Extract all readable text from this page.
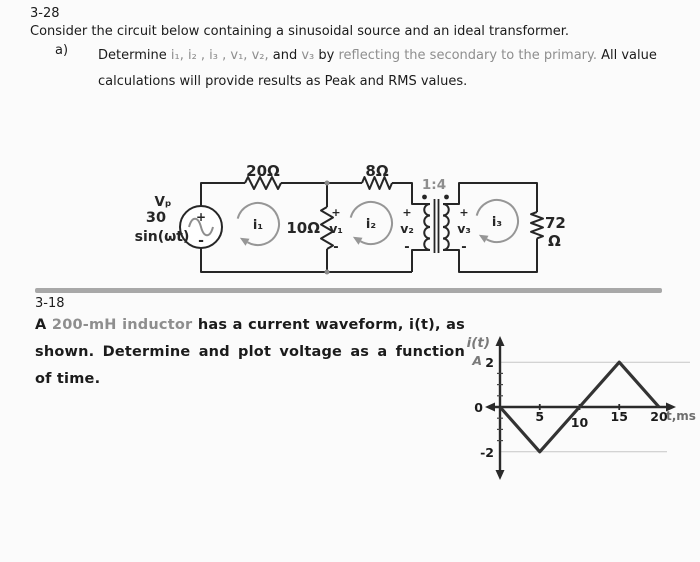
3-28
Consider the circuit below containing a sinusoidal source and an ideal transformer.
a)	Determine i₁, i₂ , i₃ , v₁, v₂, and v₃ by reflecting the secondary to the primary. All value calculations will provide results as Peak and RMS values.

+
-
Vₚ
30
sin(ωt)
20Ω	8Ω
10Ω	72
Ω
1:4
i₁	i₂	i₃
+
v₁
-
+
v₂
-
+
v₃
-
3-18

A 200-mH inductor has a current waveform, i(t), as shown. Determine and plot voltage as a function of time.

5 10 15 20
2
-2
i(t)
A
0
t,ms
